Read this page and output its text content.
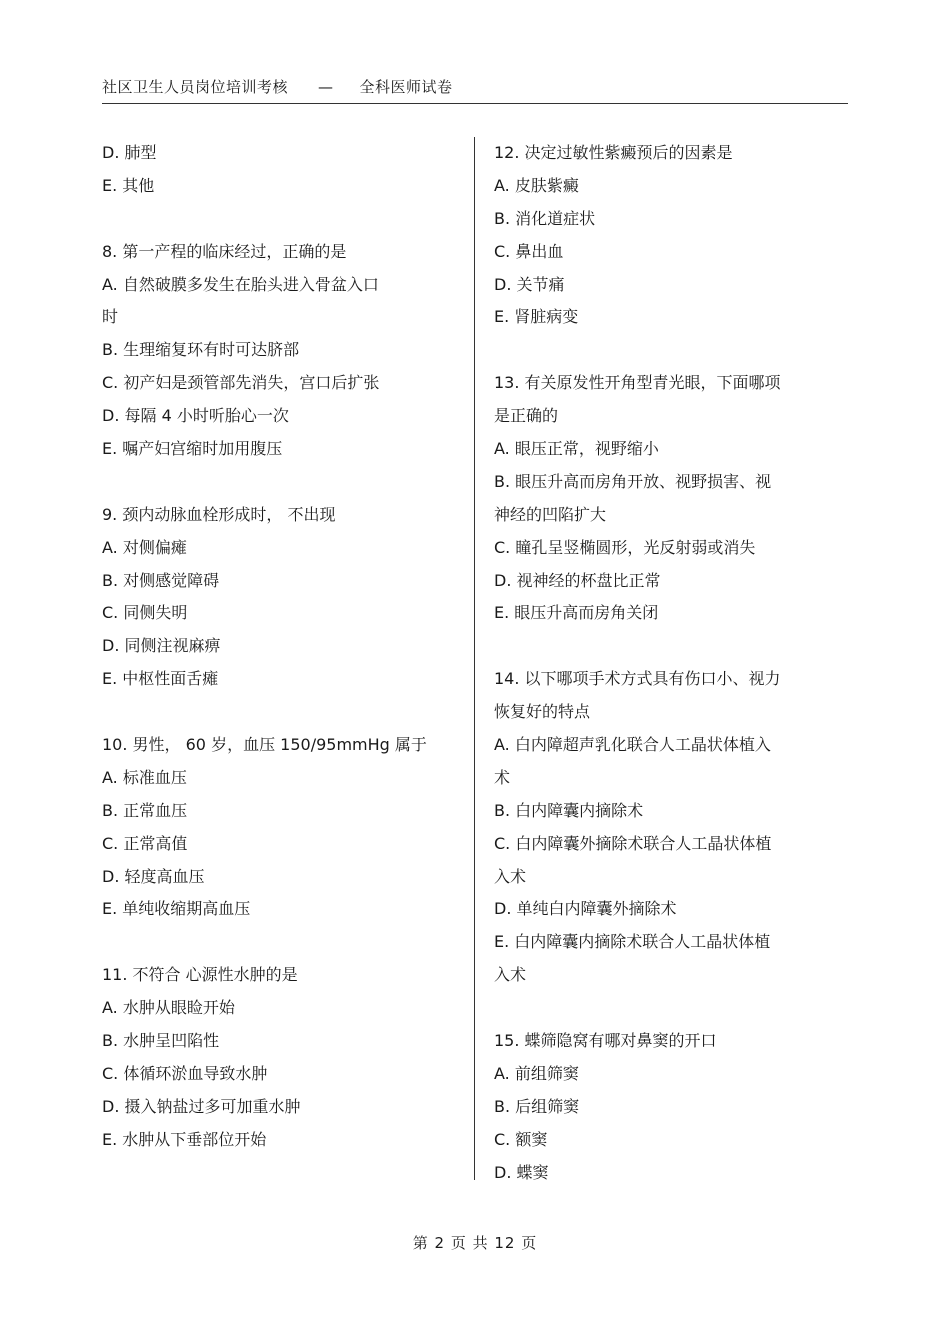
社区卫生人员岗位培训考核 — 全科医师试卷
D. 肺型
E. 其他
8. 第一产程的临床经过，正确的是
A. 自然破膜多发生在胎头进入骨盆入口
时
B. 生理缩复环有时可达脐部
C. 初产妇是颈管部先消失，宫口后扩张
D. 每隔 4 小时听胎心一次
E. 嘱产妇宫缩时加用腹压
9. 颈内动脉血栓形成时， 不出现
A. 对侧偏瘫
B. 对侧感觉障碍
C. 同侧失明
D. 同侧注视麻痹
E. 中枢性面舌瘫
10. 男性， 60 岁，血压 150/95mmHg 属于
A. 标准血压
B. 正常血压
C. 正常高值
D. 轻度高血压
E. 单纯收缩期高血压
11. 不符合 心源性水肿的是
A. 水肿从眼睑开始
B. 水肿呈凹陷性
C. 体循环淤血导致水肿
D. 摄入钠盐过多可加重水肿
E. 水肿从下垂部位开始
12. 决定过敏性紫癜预后的因素是
A. 皮肤紫癜
B. 消化道症状
C. 鼻出血
D. 关节痛
E. 肾脏病变
13. 有关原发性开角型青光眼，下面哪项
是正确的
A. 眼压正常，视野缩小
B. 眼压升高而房角开放、视野损害、视
神经的凹陷扩大
C. 瞳孔呈竖椭圆形，光反射弱或消失
D. 视神经的杯盘比正常
E. 眼压升高而房角关闭
14. 以下哪项手术方式具有伤口小、视力
恢复好的特点
A. 白内障超声乳化联合人工晶状体植入
术
B. 白内障囊内摘除术
C. 白内障囊外摘除术联合人工晶状体植
入术
D. 单纯白内障囊外摘除术
E. 白内障囊内摘除术联合人工晶状体植
入术
15. 蝶筛隐窝有哪对鼻窦的开口
A. 前组筛窦
B. 后组筛窦
C. 额窦
D. 蝶窦
第 2 页 共 12 页
